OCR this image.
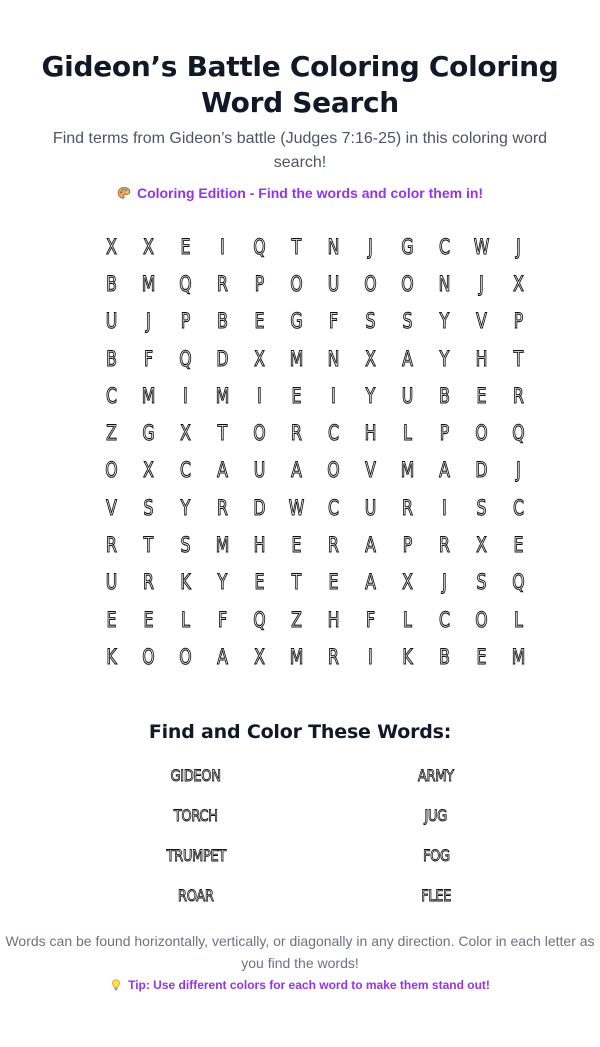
Gideon’s Battle Coloring Coloring Word Search

Find terms from Gideon’s battle (Judges 7:16-25) in this coloring word search!

Coloring Edition - Find the words and color them in!

X	X	E	I	Q	T	N	J	G	C	W	J
B	M	Q	R	P	O	U	O	O	N	J	X
U	J	P	B	E	G	F	S	S	Y	V	P
B	F	Q	D	X	M	N	X	A	Y	H	T
C	M	I	M	I	E	I	Y	U	B	E	R
Z	G	X	T	O	R	C	H	L	P	O	Q
O	X	C	A	U	A	O	V	M	A	D	J
V	S	Y	R	D	W	C	U	R	I	S	C
R	T	S	M	H	E	R	A	P	R	X	E
U	R	K	Y	E	T	E	A	X	J	S	Q
E	E	L	F	Q	Z	H	F	L	C	O	L
K	O	O	A	X	M	R	I	K	B	E	M
Find and Color These Words:
GIDEON	ARMY
TORCH	JUG
TRUMPET	FOG
ROAR	FLEE

Words can be found horizontally, vertically, or diagonally in any direction. Color in each letter as you find the words!

Tip: Use different colors for each word to make them stand out!
